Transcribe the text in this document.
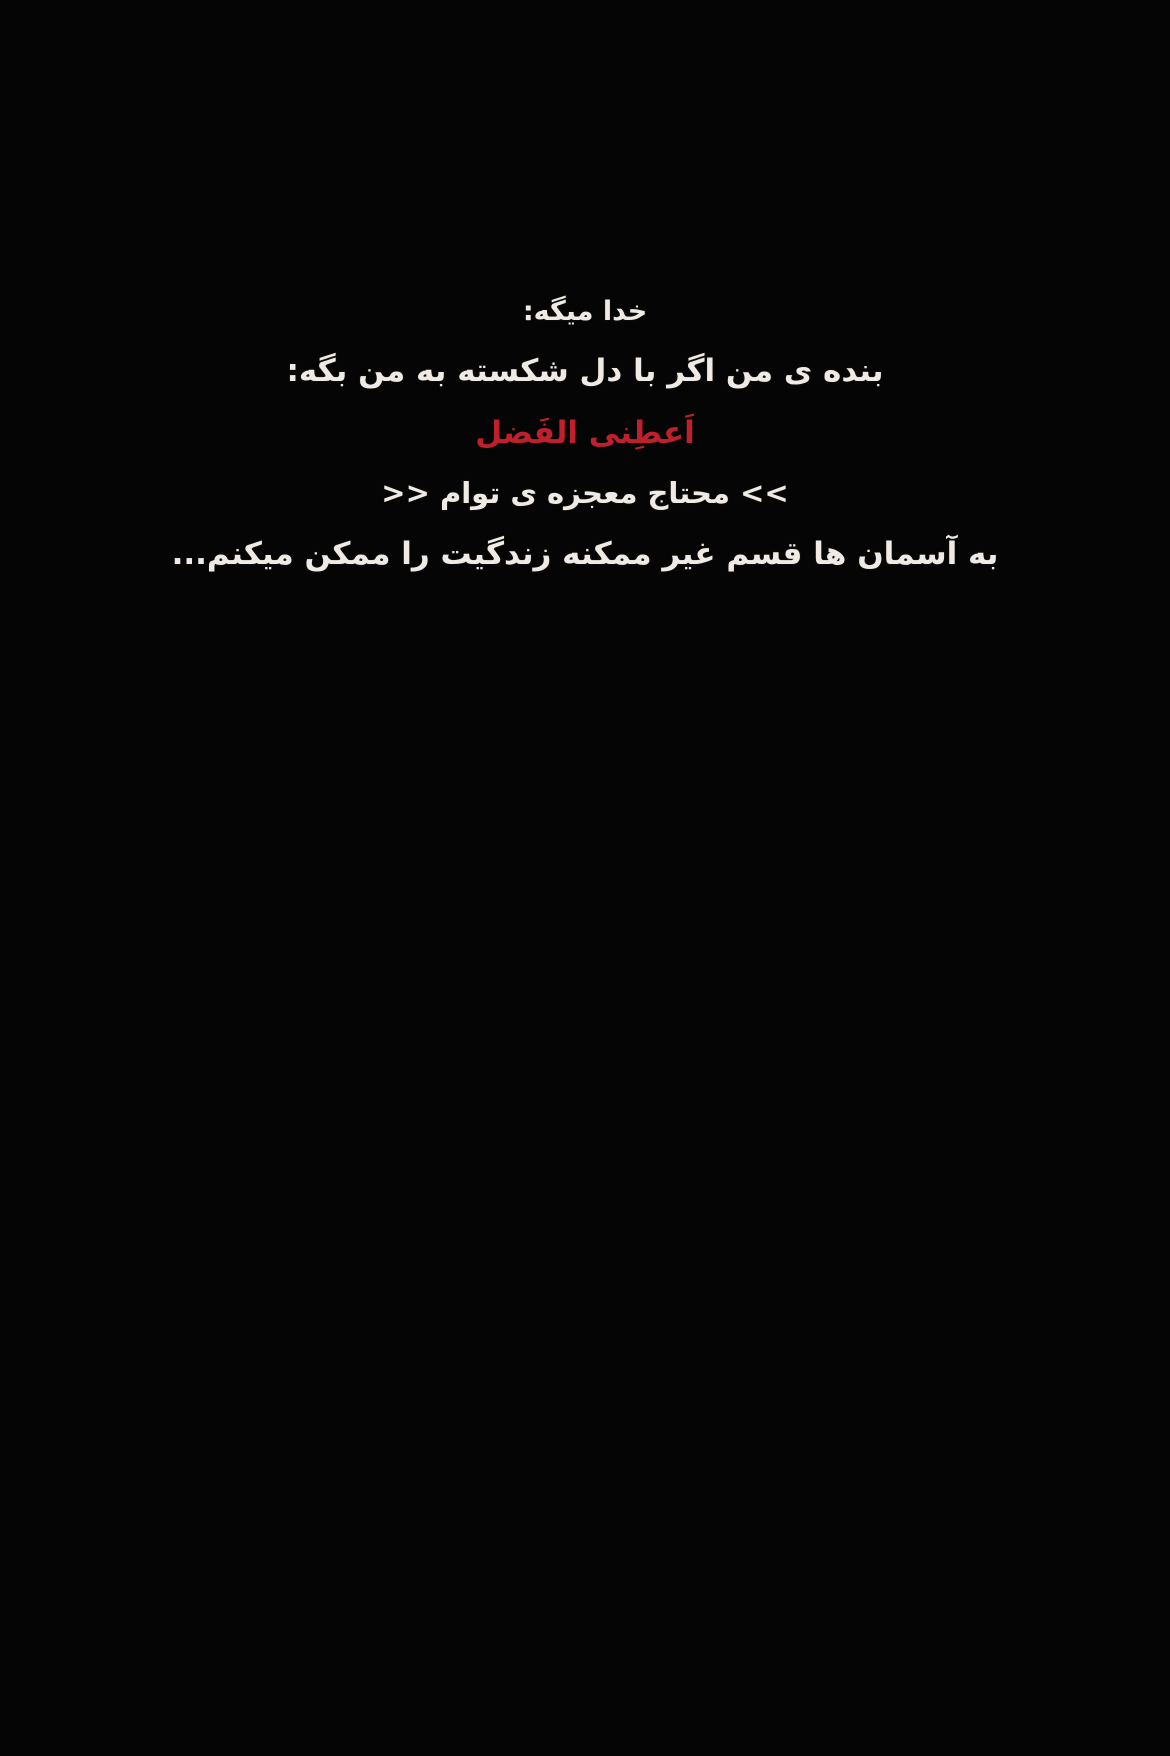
خدا میگه:
بنده ی من اگر با دل شکسته به من بگه:
اَعطِنی الفَضل
>> محتاج معجزه ی توام <<
به آسمان ها قسم غیر ممکنه زندگیت را ممکن میکنم...
